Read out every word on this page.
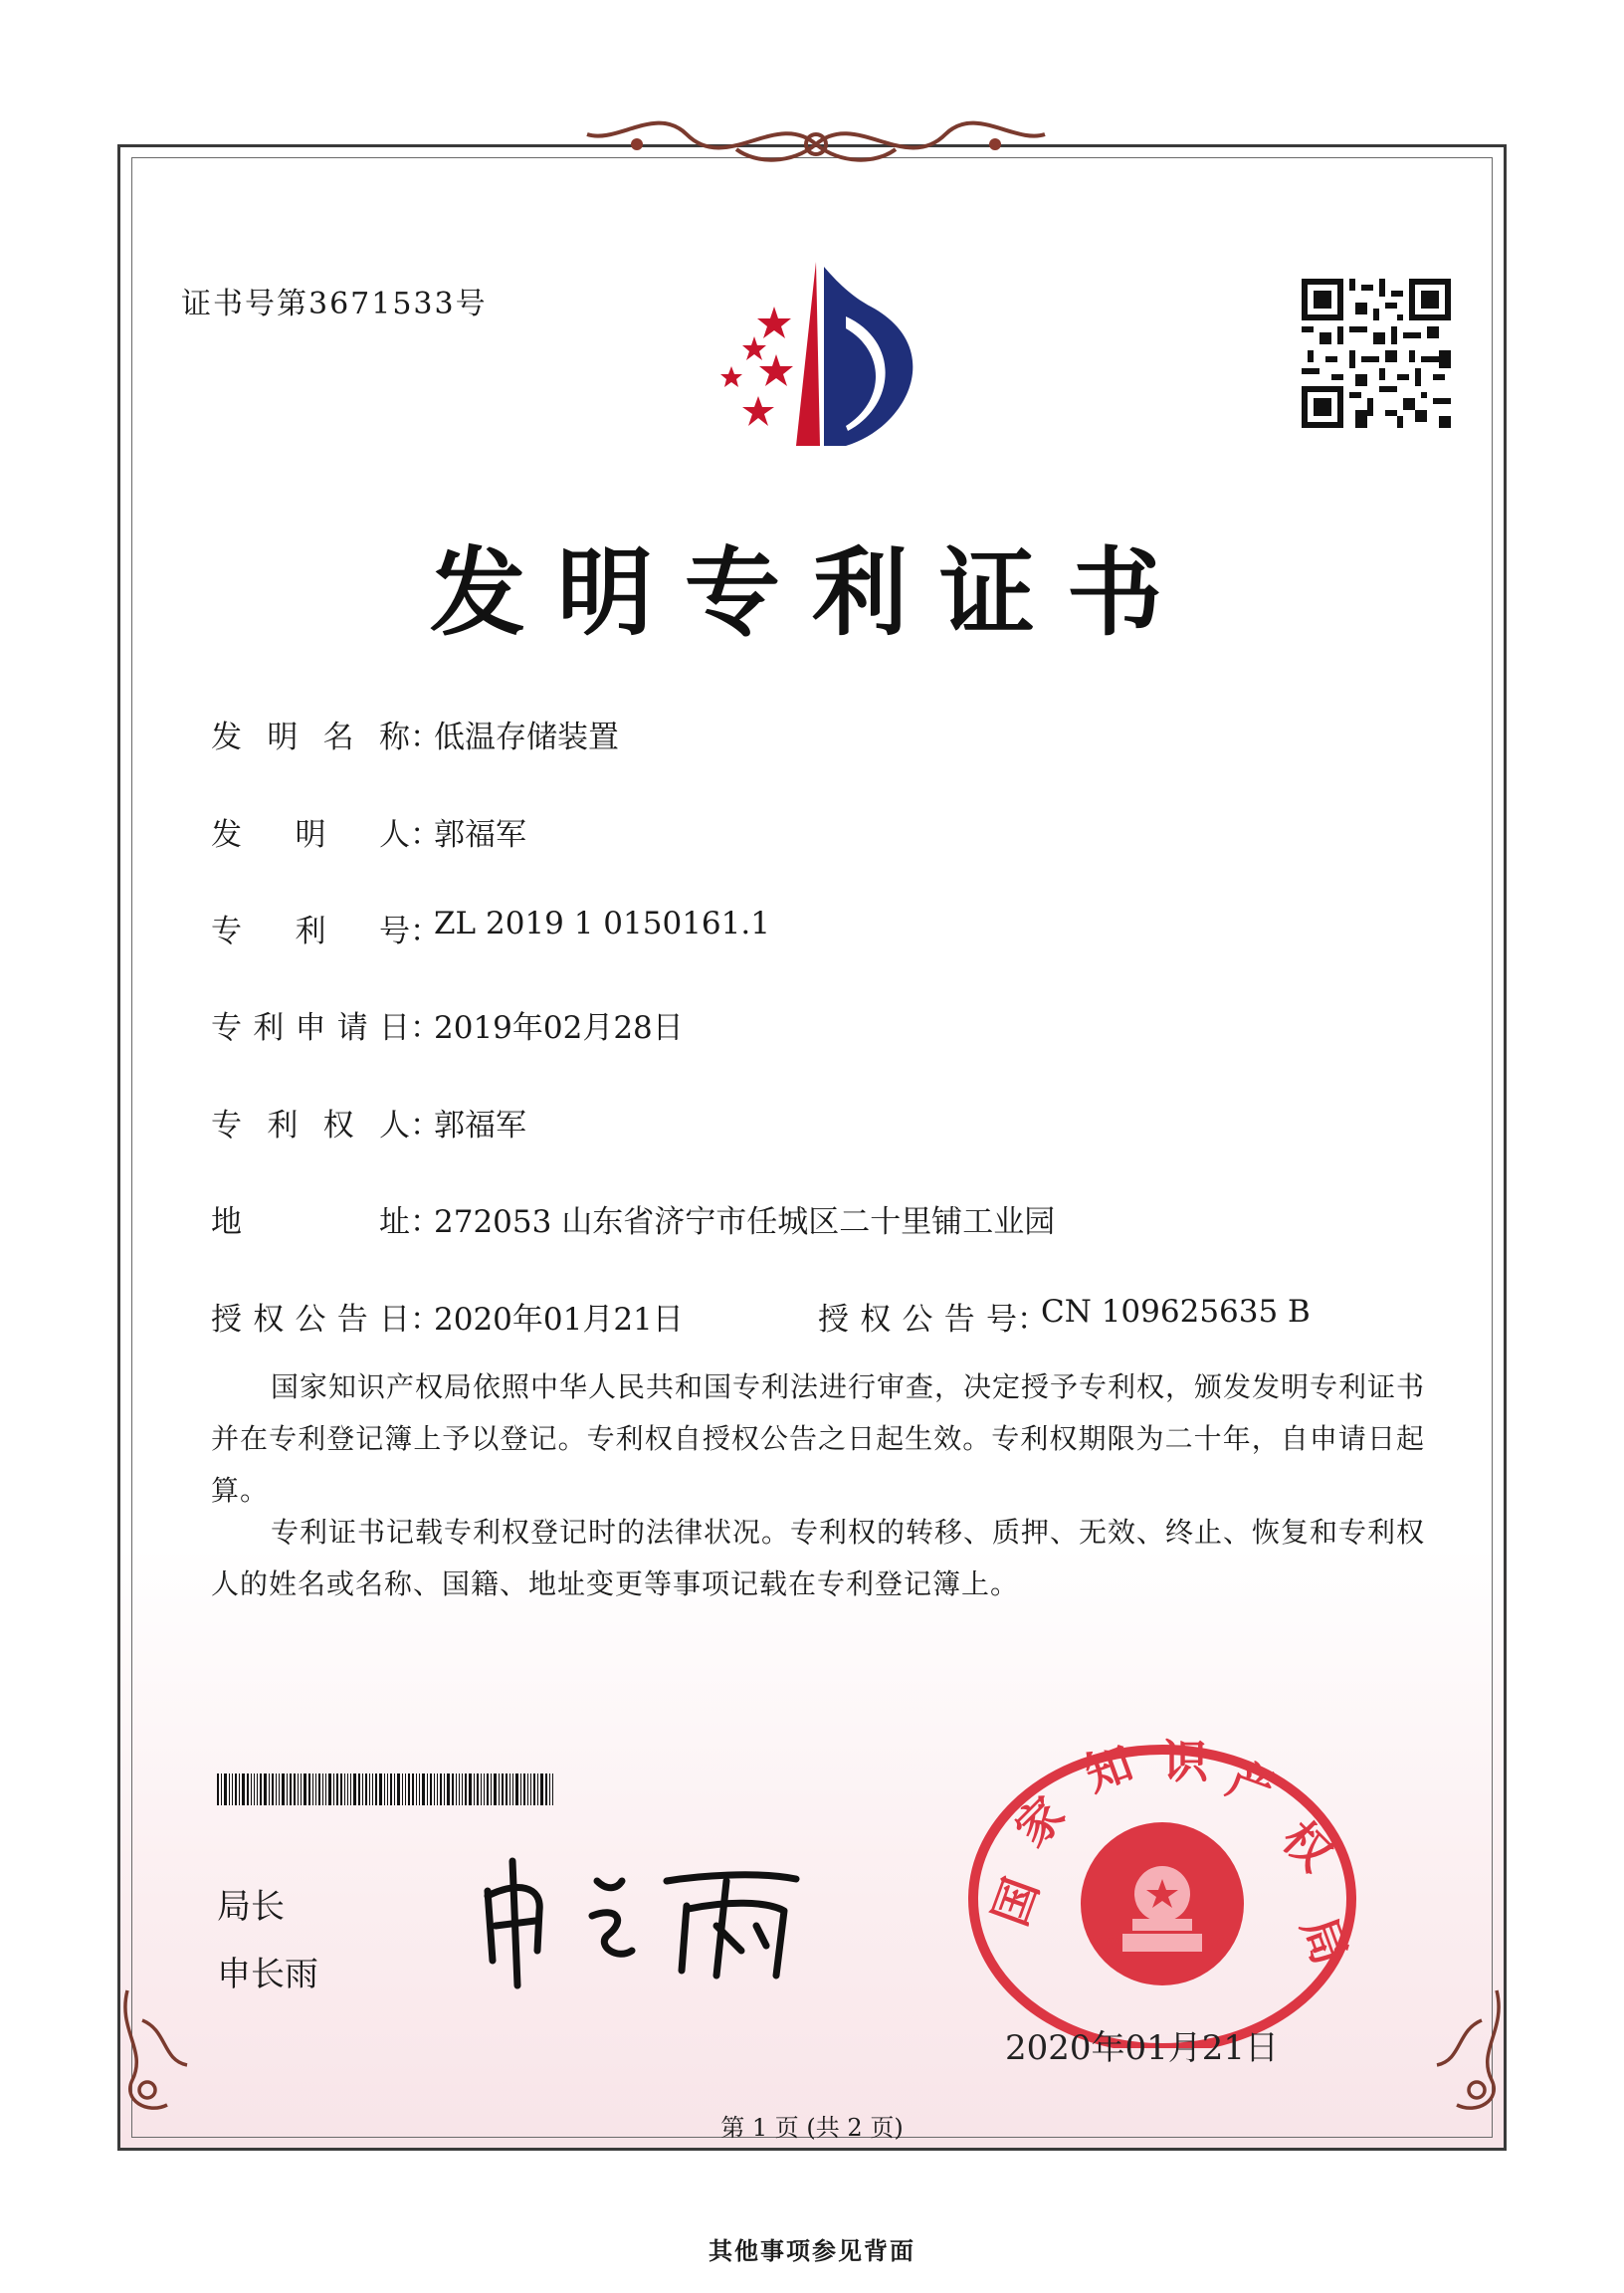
证书号第3671533号
发明专利证书
发明名称 ：
低温存储装置
发明人 ：
郭福军
专利号 ：
ZL 2019 1 0150161.1
专利申请日 ：
2019年02月28日
专利权人 ：
郭福军
地址 ：
272053 山东省济宁市任城区二十里铺工业园
授权公告日 ：
2020年01月21日	授权公告号 ：
CN 109625635 B
国家知识产权局依照中华人民共和国专利法进行审查，决定授予专利权，颁发发明专利证书并在专利登记簿上予以登记。专利权自授权公告之日起生效。专利权期限为二十年，自申请日起算。
专利证书记载专利权登记时的法律状况。专利权的转移、质押、无效、终止、恢复和专利权人的姓名或名称、国籍、地址变更等事项记载在专利登记簿上。
局长
申长雨
国
家
知 识 产
权
局
2020年01月21日
第 1 页 (共 2 页)
其他事项参见背面
